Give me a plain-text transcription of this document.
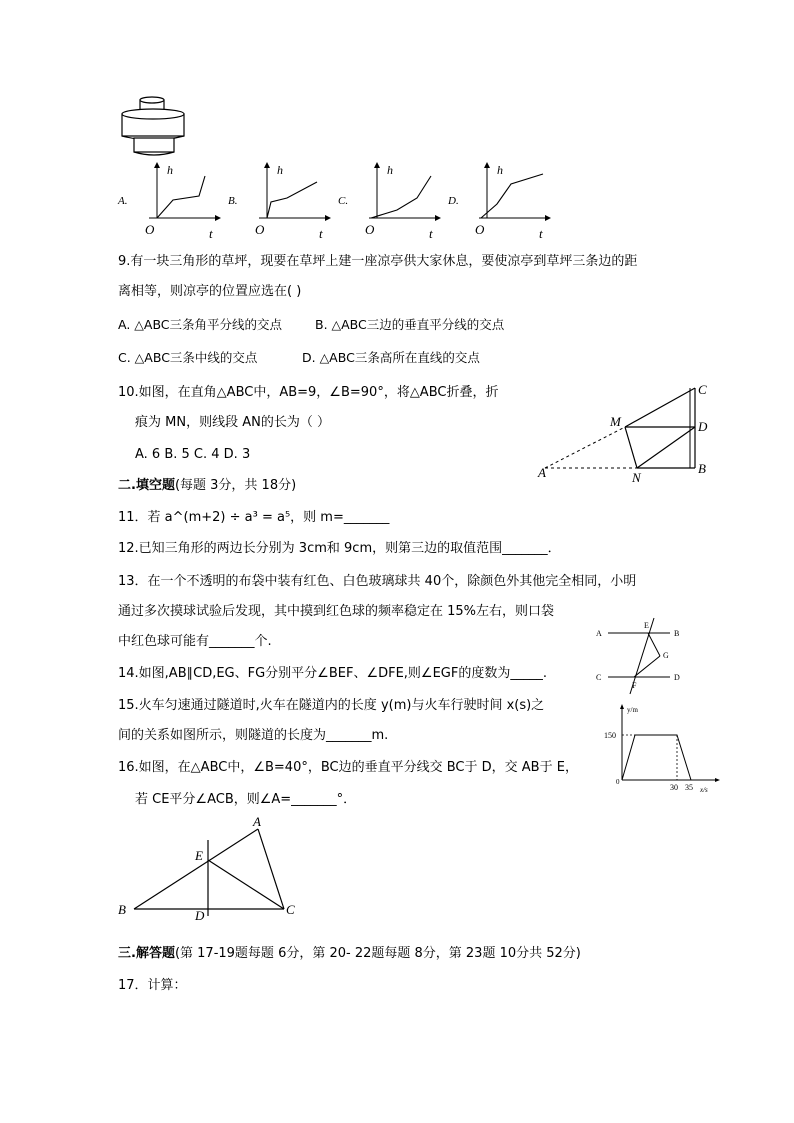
A.
h
O	t
B.
h
O	t
C.
h
O	t
D.
h
O	t
9.有一块三角形的草坪，现要在草坪上建一座凉亭供大家休息，要使凉亭到草坪三条边的距
离相等，则凉亭的位置应选在( )
A. △ABC三条角平分线的交点	B. △ABC三边的垂直平分线的交点
C. △ABC三条中线的交点	D. △ABC三条高所在直线的交点
10.如图，在直角△ABC中，AB=9，∠B=90°，将△ABC折叠，折
痕为 MN，则线段 AN的长为（ ）
A. 6 B. 5 C. 4 D. 3
C
M	D
A	N
B
二.填空题(每题 3分，共 18分)
11．若 a^(m+2) ÷ a³ = a⁵，则 m=_______
12.已知三角形的两边长分别为 3cm和 9cm，则第三边的取值范围_______．
13．在一个不透明的布袋中装有红色、白色玻璃球共 40个，除颜色外其他完全相同，小明
通过多次摸球试验后发现，其中摸到红色球的频率稳定在 15%左右，则口袋
中红色球可能有_______个.
A
E
B
G
C
F
D
14.如图,AB∥CD,EG、FG分别平分∠BEF、∠DFE,则∠EGF的度数为_____.
15.火车匀速通过隧道时,火车在隧道内的长度 y(m)与火车行驶时间 x(s)之
间的关系如图所示，则隧道的长度为_______m.
y/m
150
0
30 35 x/s
16.如图，在△ABC中，∠B=40°，BC边的垂直平分线交 BC于 D，交 AB于 E，
若 CE平分∠ACB，则∠A=_______°．
A
E
B	D	C
三.解答题(第 17-19题每题 6分，第 20- 22题每题 8分，第 23题 10分共 52分)
17．计算：
